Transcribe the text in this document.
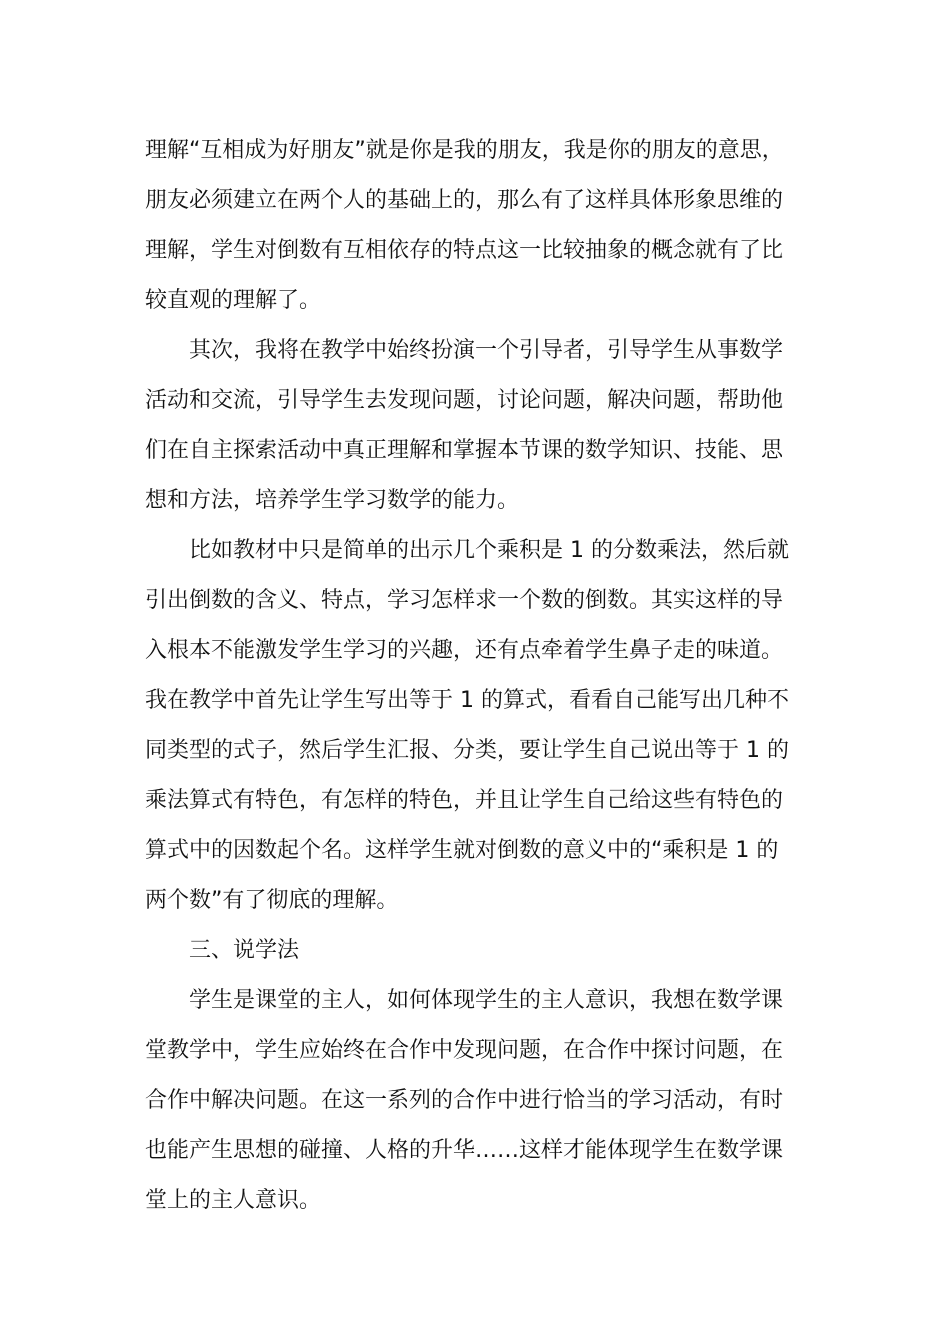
理解“互相成为好朋友”就是你是我的朋友，我是你的朋友的意思，
朋友必须建立在两个人的基础上的，那么有了这样具体形象思维的
理解，学生对倒数有互相依存的特点这一比较抽象的概念就有了比
较直观的理解了。
其次，我将在教学中始终扮演一个引导者，引导学生从事数学
活动和交流，引导学生去发现问题，讨论问题，解决问题，帮助他
们在自主探索活动中真正理解和掌握本节课的数学知识、技能、思
想和方法，培养学生学习数学的能力。
比如教材中只是简单的出示几个乘积是 1 的分数乘法，然后就
引出倒数的含义、特点，学习怎样求一个数的倒数。其实这样的导
入根本不能激发学生学习的兴趣，还有点牵着学生鼻子走的味道。
我在教学中首先让学生写出等于 1 的算式，看看自己能写出几种不
同类型的式子，然后学生汇报、分类，要让学生自己说出等于 1 的
乘法算式有特色，有怎样的特色，并且让学生自己给这些有特色的
算式中的因数起个名。这样学生就对倒数的意义中的“乘积是 1 的
两个数”有了彻底的理解。
三、说学法
学生是课堂的主人，如何体现学生的主人意识，我想在数学课
堂教学中，学生应始终在合作中发现问题，在合作中探讨问题，在
合作中解决问题。在这一系列的合作中进行恰当的学习活动，有时
也能产生思想的碰撞、人格的升华……这样才能体现学生在数学课
堂上的主人意识。
